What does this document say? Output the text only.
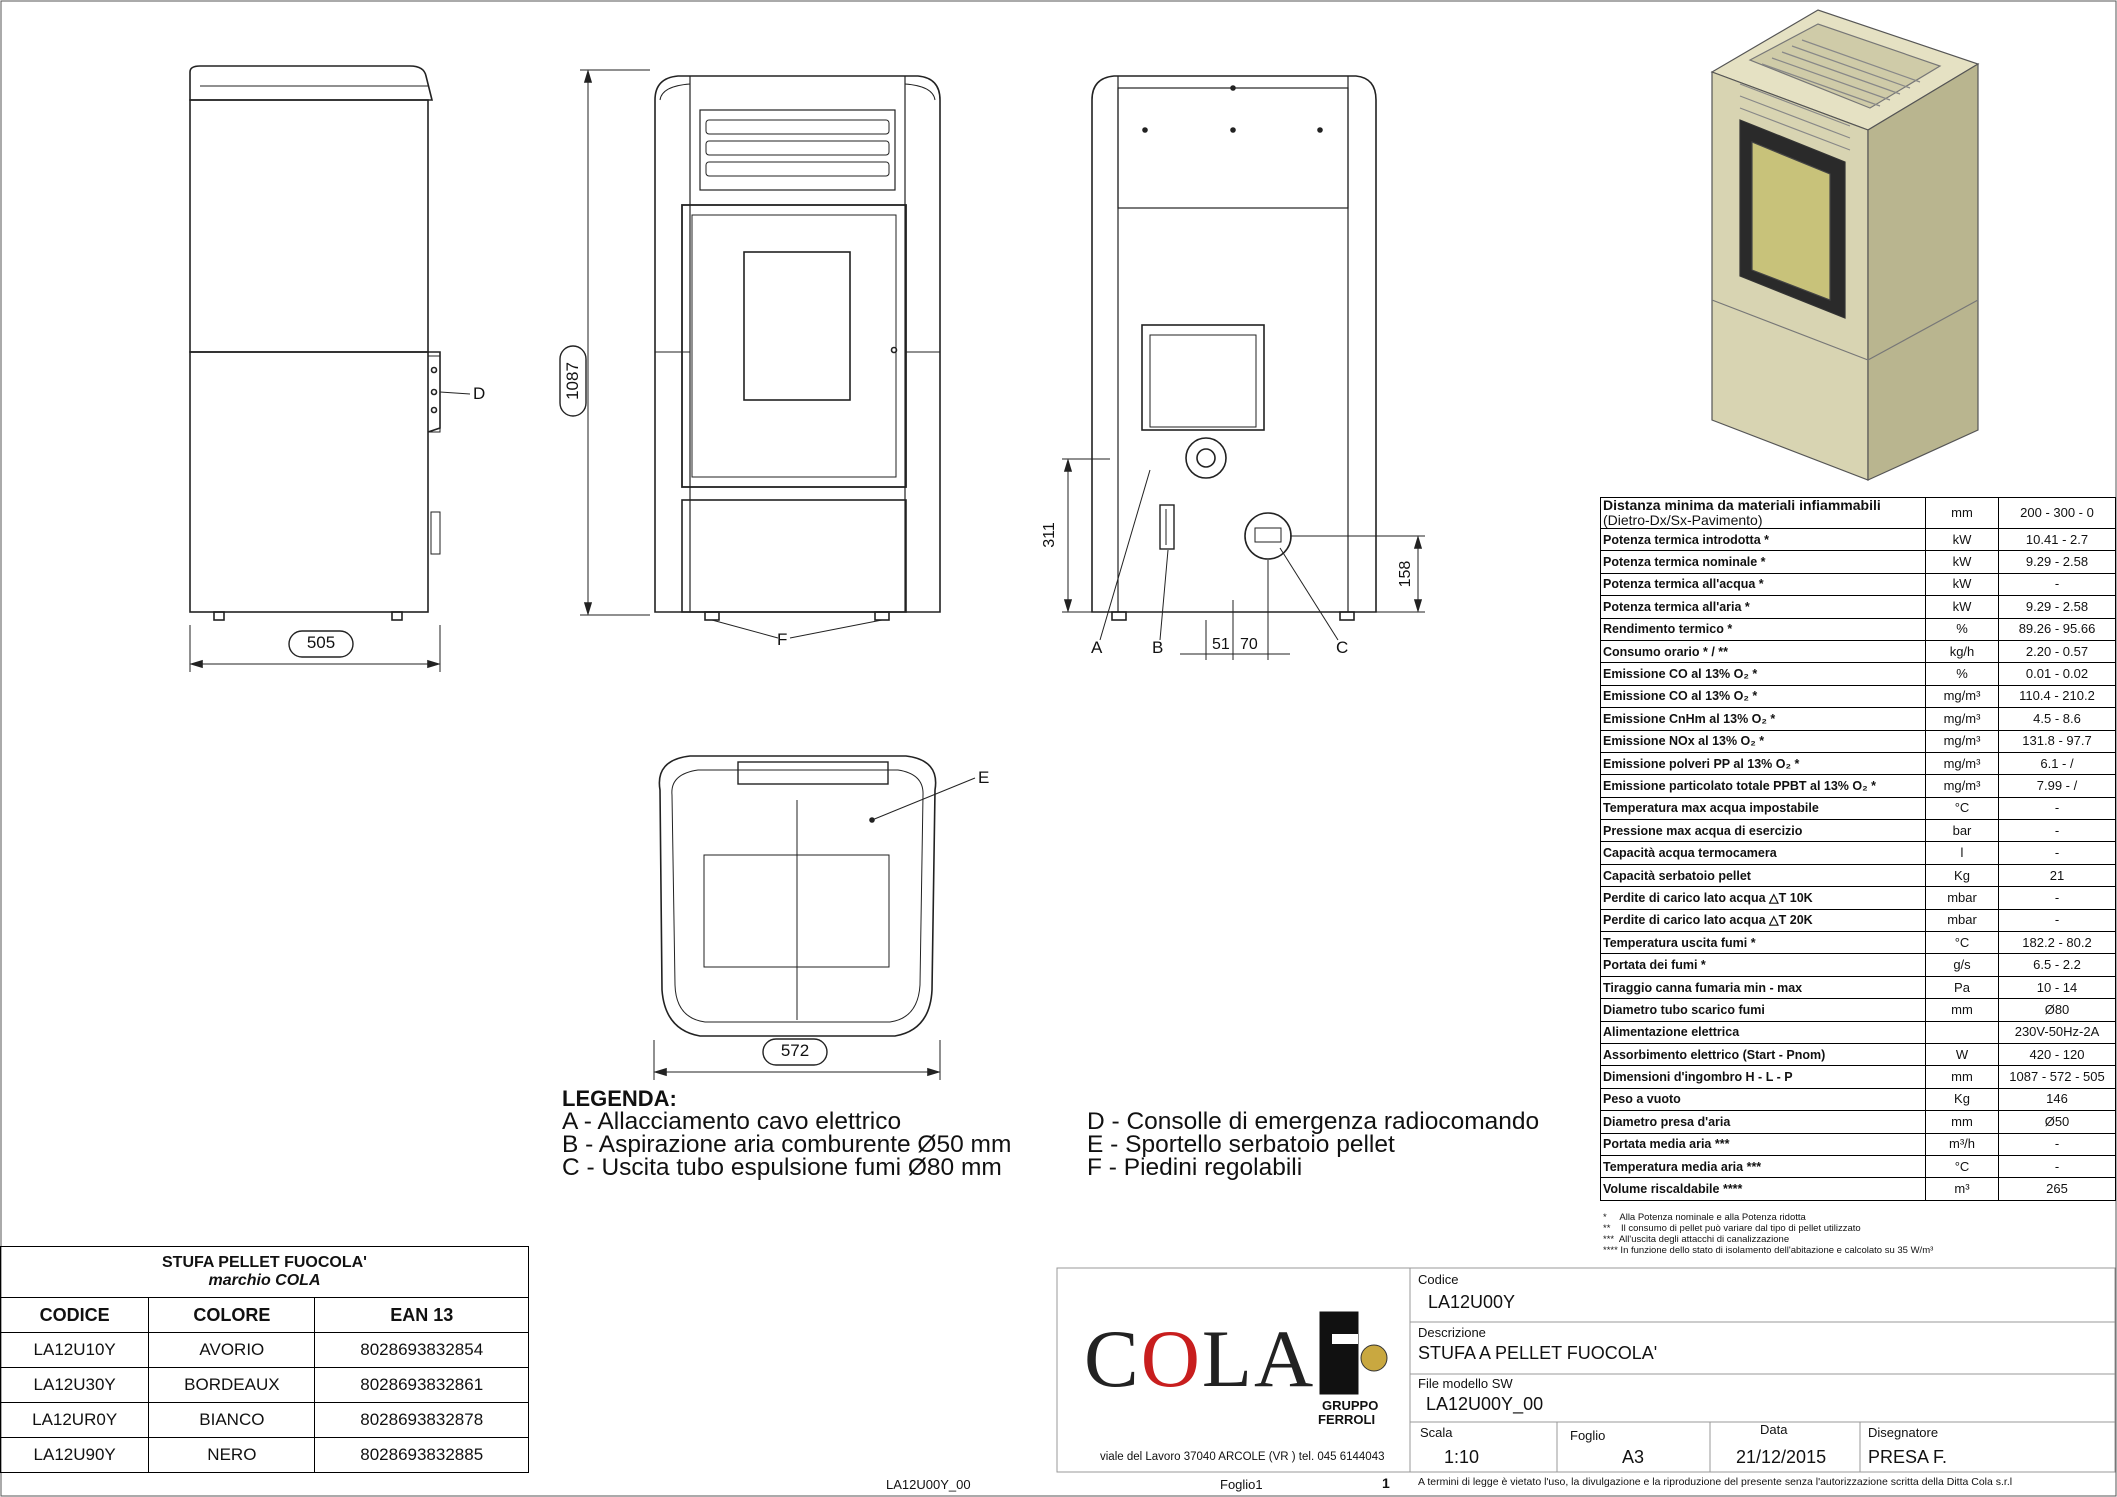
505
1087
572
311
158
51 70
D
F	A	B	C
E
LEGENDA:
A - Allacciamento cavo elettrico
B - Aspirazione aria comburente Ø50 mm
C - Uscita tubo espulsione fumi Ø80 mm
D - Consolle di emergenza radiocomando
E - Sportello serbatoio pellet
F - Piedini regolabili
Distanza minima da materiali infiammabili
(Dietro-Dx/Sx-Pavimento)	mm	200 - 300 - 0
Potenza termica introdotta *	kW	10.41 - 2.7
Potenza termica nominale *	kW	9.29 - 2.58
Potenza termica all'acqua *	kW	-
Potenza termica all'aria *	kW	9.29 - 2.58
Rendimento termico *	%	89.26 - 95.66
Consumo orario * / **	kg/h	2.20 - 0.57
Emissione CO al 13% O₂ *	%	0.01 - 0.02
Emissione CO al 13% O₂ *	mg/m³	110.4 - 210.2
Emissione CnHm al 13% O₂ *	mg/m³	4.5 - 8.6
Emissione NOx al 13% O₂ *	mg/m³	131.8 - 97.7
Emissione polveri PP al 13% O₂ *	mg/m³	6.1 - /
Emissione particolato totale PPBT al 13% O₂ *	mg/m³	7.99 - /
Temperatura max acqua impostabile	°C	-
Pressione max acqua di esercizio	bar	-
Capacità acqua termocamera	l	-
Capacità serbatoio pellet	Kg	21
Perdite di carico lato acqua △T 10K	mbar	-
Perdite di carico lato acqua △T 20K	mbar	-
Temperatura uscita fumi *	°C	182.2 - 80.2
Portata dei fumi *	g/s	6.5 - 2.2
Tiraggio canna fumaria min - max	Pa	10 - 14
Diametro tubo scarico fumi	mm	Ø80
Alimentazione elettrica		230V-50Hz-2A
Assorbimento elettrico (Start - Pnom)	W	420 - 120
Dimensioni d'ingombro H - L - P	mm	1087 - 572 - 505
Peso a vuoto	Kg	146
Diametro presa d'aria	mm	Ø50
Portata media aria ***	m³/h	-
Temperatura media aria ***	°C	-
Volume riscaldabile ****	m³	265
*     Alla Potenza nominale e alla Potenza ridotta
**    Il consumo di pellet può variare dal tipo di pellet utilizzato
***  All'uscita degli attacchi di canalizzazione
**** In funzione dello stato di isolamento dell'abitazione e calcolato su 35 W/m³
STUFA PELLET FUOCOLA'
marchio COLA		
CODICE	COLORE	EAN 13
LA12U10Y	AVORIO	8028693832854
LA12U30Y	BORDEAUX	8028693832861
LA12UR0Y	BIANCO	8028693832878
LA12U90Y	NERO	8028693832885
COLA
GRUPPO
FERROLI
viale del Lavoro 37040 ARCOLE (VR ) tel. 045 6144043
Codice
LA12U00Y
Descrizione
STUFA A PELLET FUOCOLA'
File modello SW
LA12U00Y_00
Scala
1:10
Foglio
A3
Data
21/12/2015
Disegnatore
PRESA F.
A termini di legge è vietato l'uso, la divulgazione e la riproduzione del presente senza l'autorizzazione scritta della Ditta Cola s.r.l
LA12U00Y_00	Foglio1	1
